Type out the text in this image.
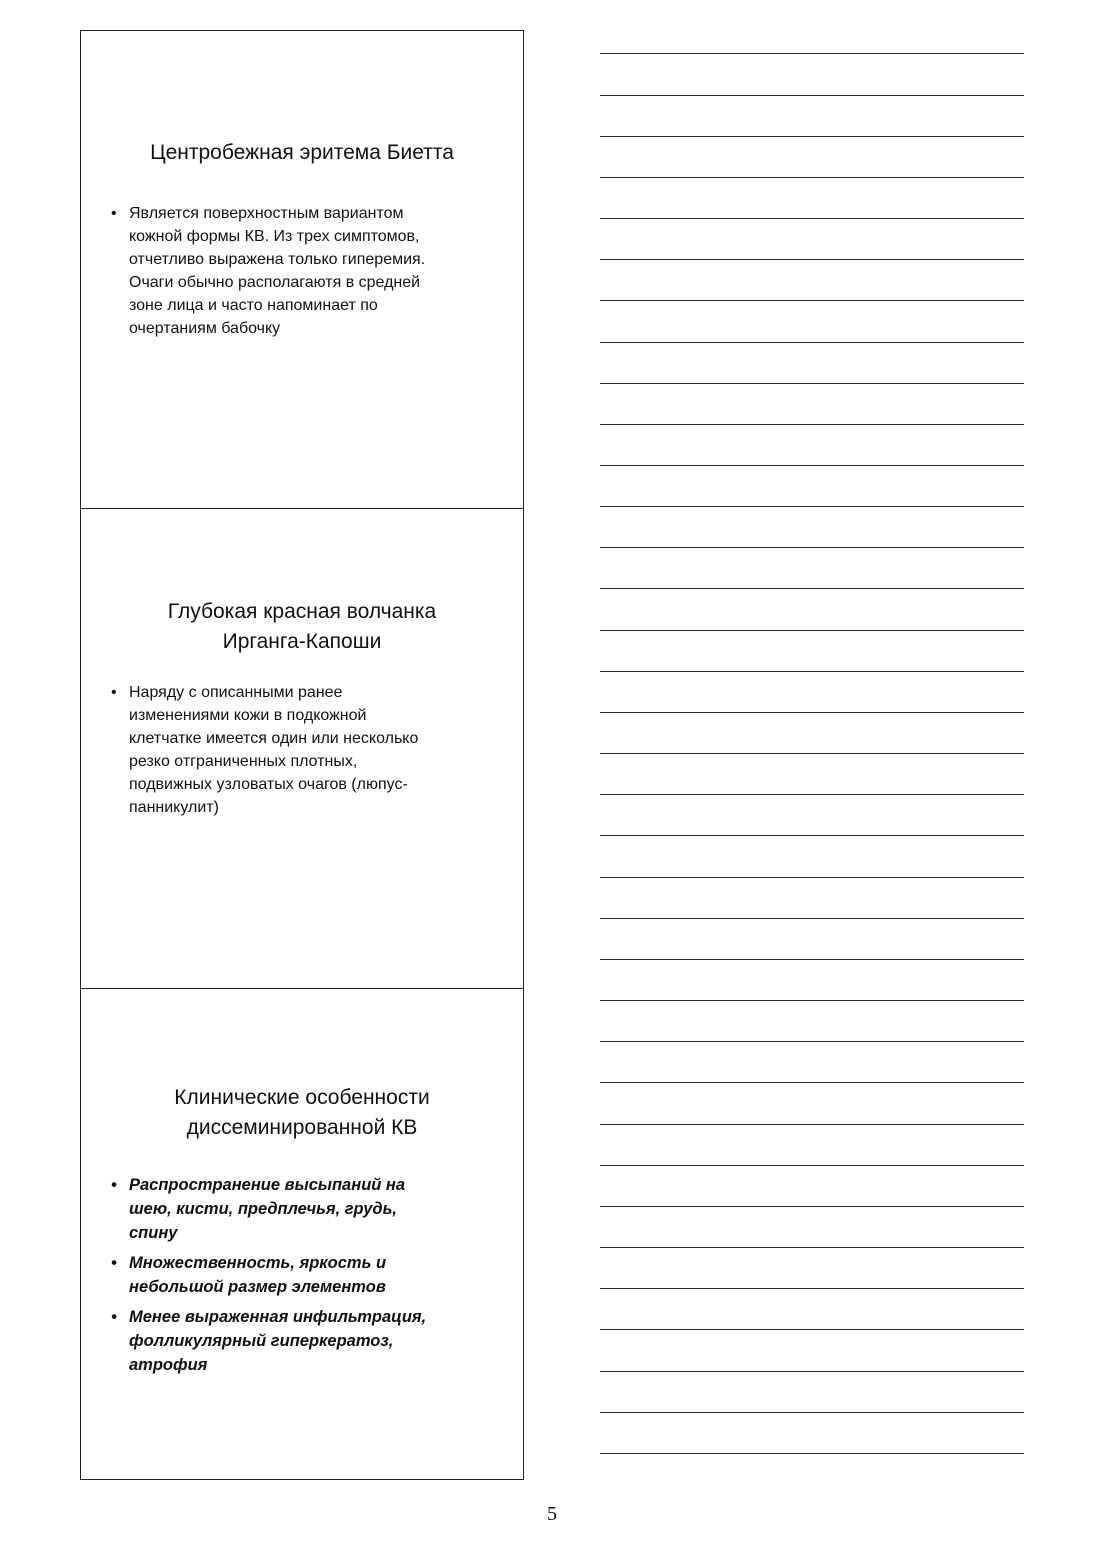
Центробежная эритема Биетта
• Является поверхностным вариантом
кожной формы КВ. Из трех симптомов,
отчетливо выражена только гиперемия.
Очаги обычно располагаютя в средней
зоне лица и часто напоминает по
очертаниям бабочку
Глубокая красная волчанка
Ирганга-Капоши
• Наряду с описанными ранее
изменениями кожи в подкожной
клетчатке имеется один или несколько
резко отграниченных плотных,
подвижных узловатых очагов (люпус-
панникулит)
Клинические особенности
диссеминированной КВ
• Распространение высыпаний на
шею, кисти, предплечья, грудь,
спину
• Множественность, яркость и
небольшой размер элементов
• Менее выраженная инфильтрация,
фолликулярный гиперкератоз,
атрофия
5
